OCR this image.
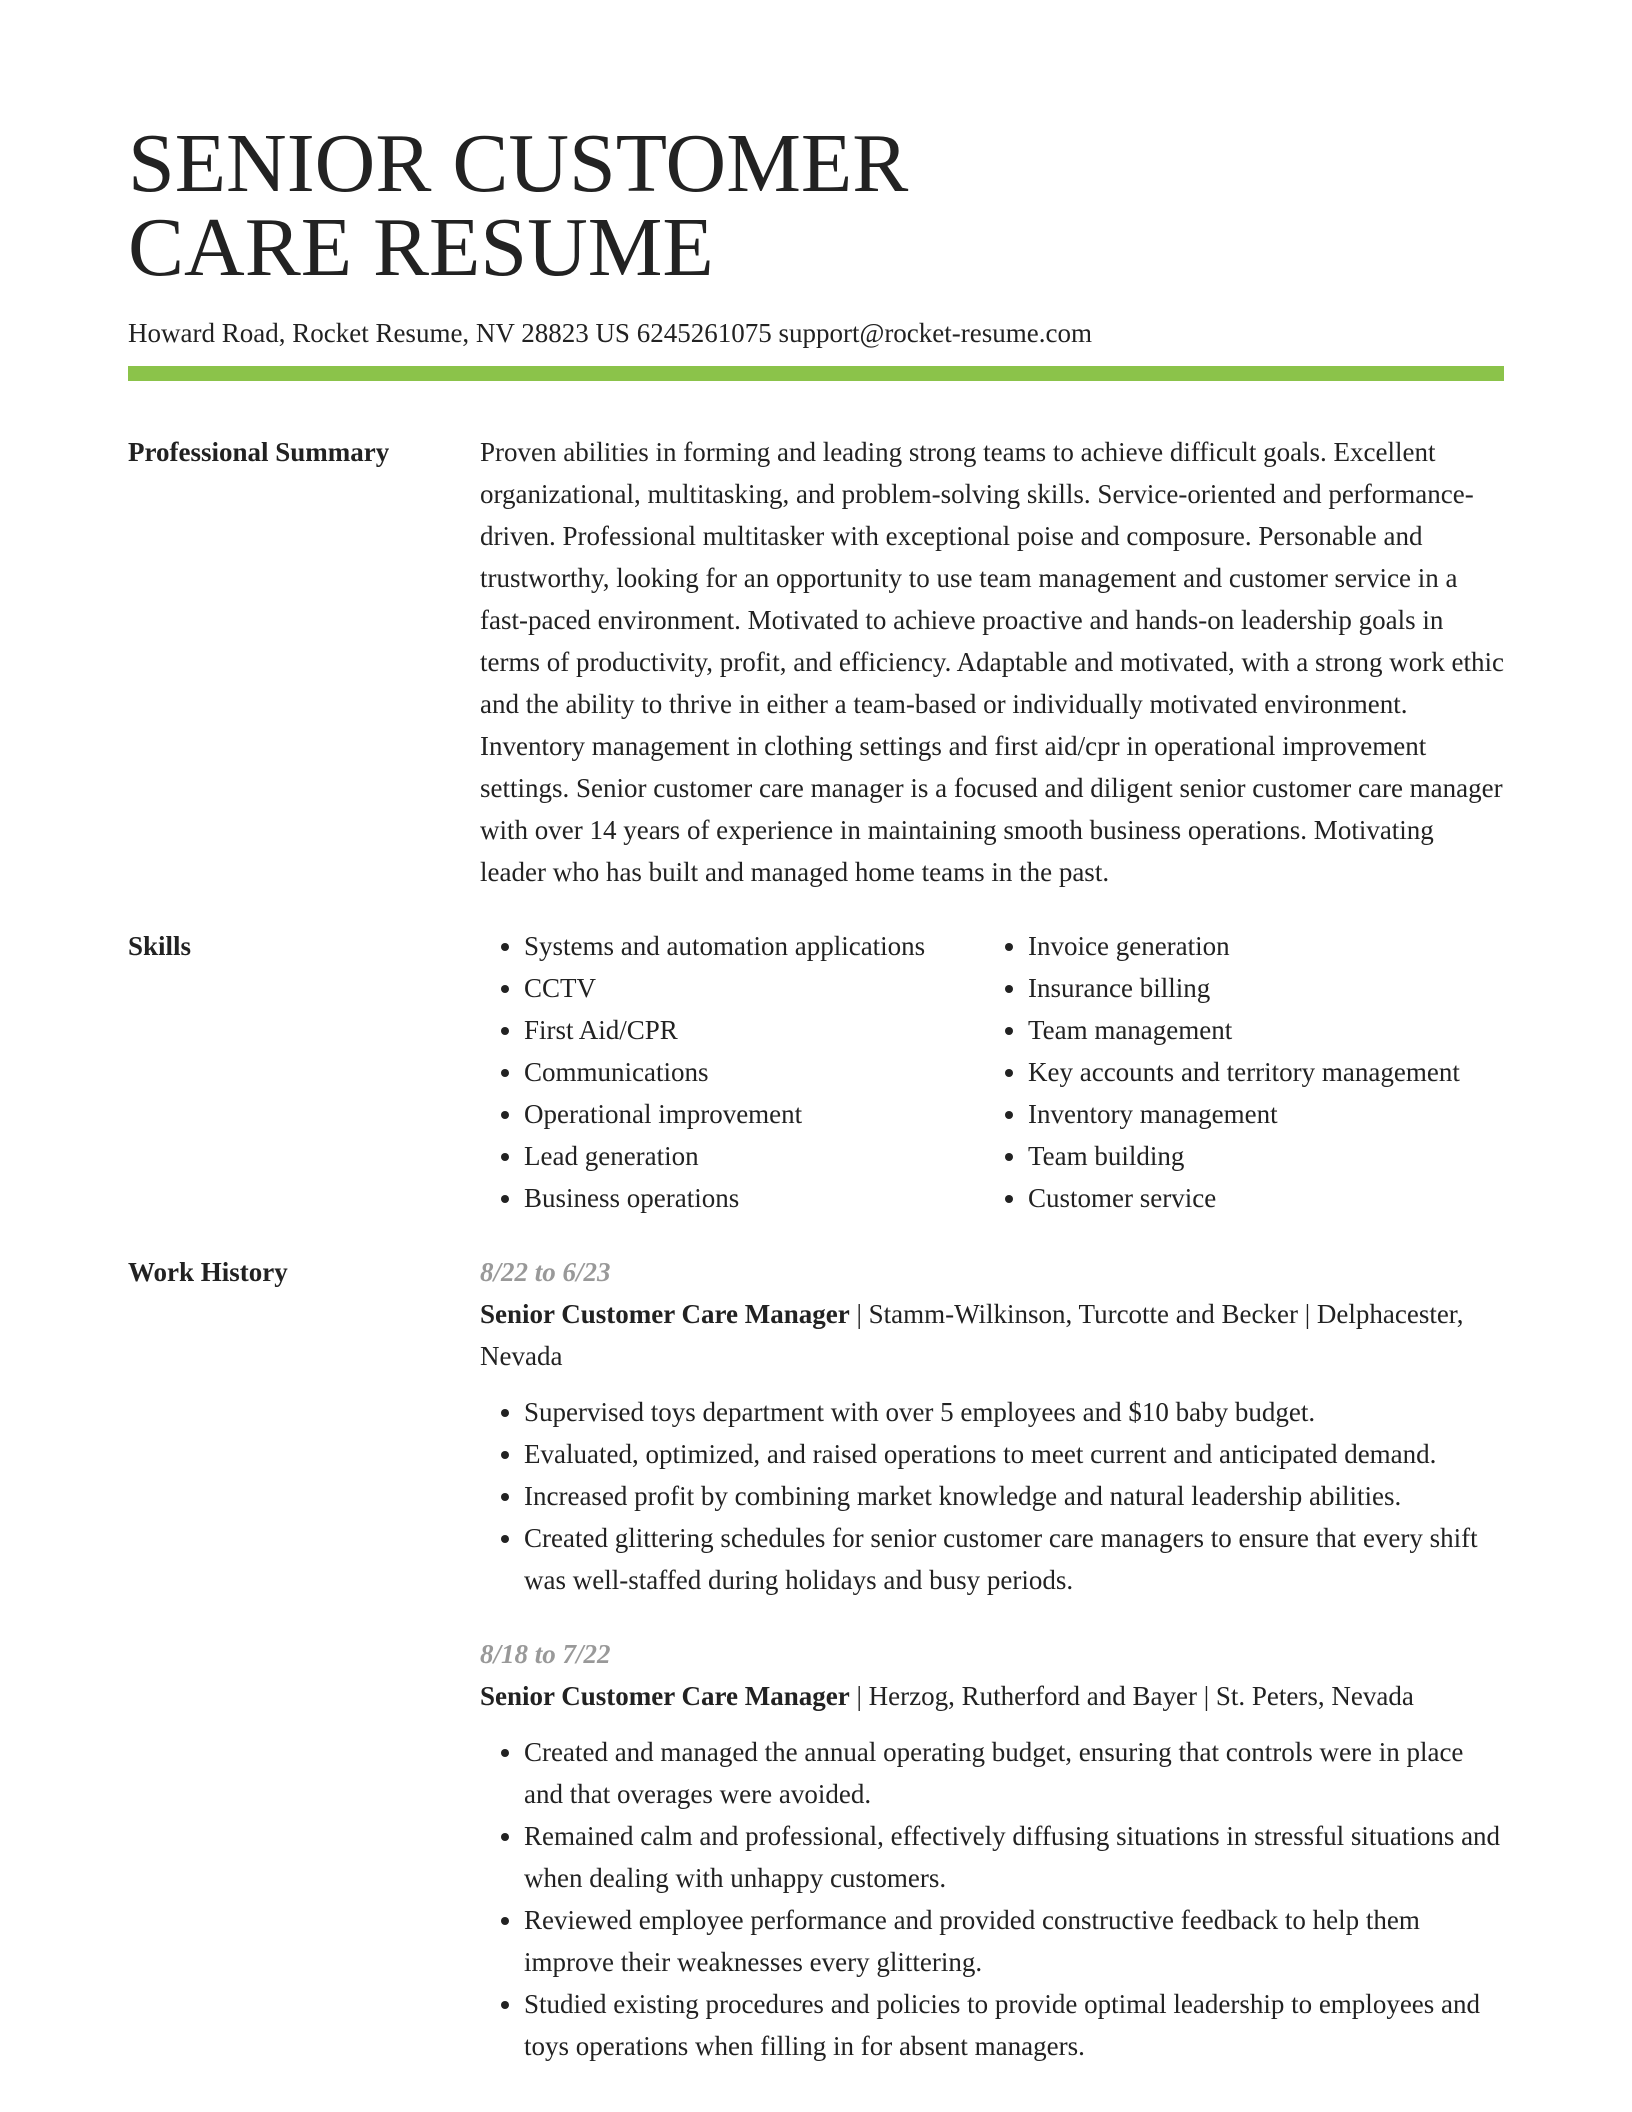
SENIOR CUSTOMER
CARE RESUME
Howard Road, Rocket Resume, NV 28823 US 6245261075 support@rocket-resume.com
Professional Summary	Proven abilities in forming and leading strong teams to achieve difficult goals. Excellent organizational, multitasking, and problem-solving skills. Service-oriented and performance-driven. Professional multitasker with exceptional poise and composure. Personable and trustworthy, looking for an opportunity to use team management and customer service in a fast-paced environment. Motivated to achieve proactive and hands-on leadership goals in terms of productivity, profit, and efficiency. Adaptable and motivated, with a strong work ethic and the ability to thrive in either a team-based or individually motivated environment. Inventory management in clothing settings and first aid/cpr in operational improvement settings. Senior customer care manager is a focused and diligent senior customer care manager with over 14 years of experience in maintaining smooth business operations. Motivating leader who has built and managed home teams in the past.

Skills
•	Systems and automation applications
• CCTV
• First Aid/CPR
• Communications
• Operational improvement
• Lead generation
• Business operations
• Invoice generation
• Insurance billing
• Team management
• Key accounts and territory management
• Inventory management
• Team building
• Customer service
Work History	8/22 to 6/23
Senior Customer Care Manager | Stamm-Wilkinson, Turcotte and Becker | Delphacester, Nevada
• Supervised toys department with over 5 employees and $10 baby budget.
• Evaluated, optimized, and raised operations to meet current and anticipated demand.
• Increased profit by combining market knowledge and natural leadership abilities.
• Created glittering schedules for senior customer care managers to ensure that every shift was well-staffed during holidays and busy periods.
8/18 to 7/22
Senior Customer Care Manager | Herzog, Rutherford and Bayer | St. Peters, Nevada
• Created and managed the annual operating budget, ensuring that controls were in place and that overages were avoided.
• Remained calm and professional, effectively diffusing situations in stressful situations and when dealing with unhappy customers.
• Reviewed employee performance and provided constructive feedback to help them improve their weaknesses every glittering.
• Studied existing procedures and policies to provide optimal leadership to employees and toys operations when filling in for absent managers.
